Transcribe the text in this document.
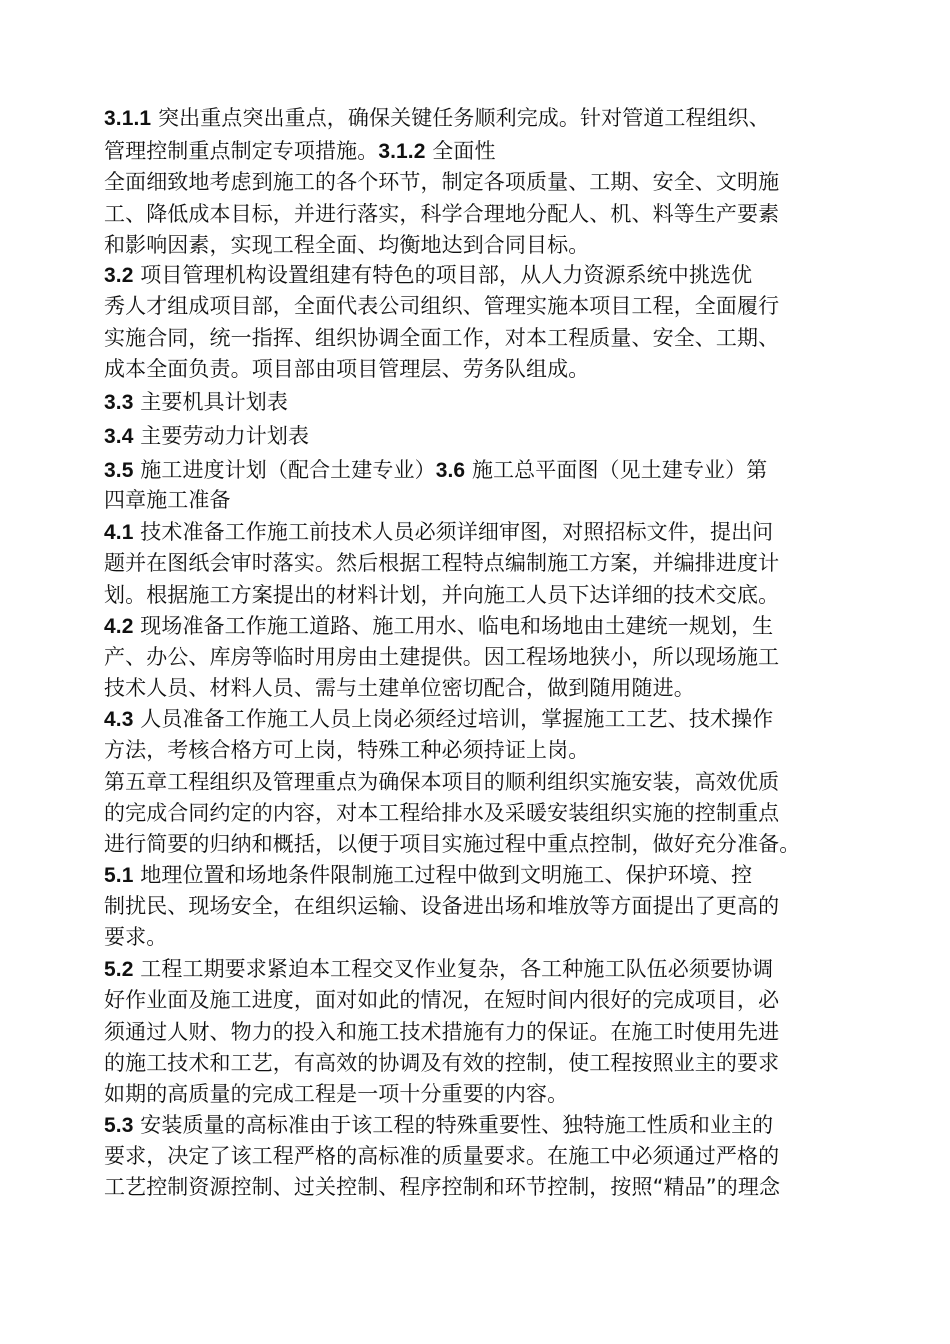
3.1.1 突出重点突出重点，确保关键任务顺利完成。针对管道工程组织、
管理控制重点制定专项措施。3.1.2 全面性
全面细致地考虑到施工的各个环节，制定各项质量、工期、安全、文明施
工、降低成本目标，并进行落实，科学合理地分配人、机、料等生产要素
和影响因素，实现工程全面、均衡地达到合同目标。
3.2 项目管理机构设置组建有特色的项目部，从人力资源系统中挑选优
秀人才组成项目部，全面代表公司组织、管理实施本项目工程，全面履行
实施合同，统一指挥、组织协调全面工作，对本工程质量、安全、工期、
成本全面负责。项目部由项目管理层、劳务队组成。
3.3 主要机具计划表
3.4 主要劳动力计划表
3.5 施工进度计划（配合土建专业）3.6 施工总平面图（见土建专业）第
四章施工准备
4.1 技术准备工作施工前技术人员必须详细审图，对照招标文件，提出问
题并在图纸会审时落实。然后根据工程特点编制施工方案，并编排进度计
划。根据施工方案提出的材料计划，并向施工人员下达详细的技术交底。
4.2 现场准备工作施工道路、施工用水、临电和场地由土建统一规划，生
产、办公、库房等临时用房由土建提供。因工程场地狭小，所以现场施工
技术人员、材料人员、需与土建单位密切配合，做到随用随进。
4.3 人员准备工作施工人员上岗必须经过培训，掌握施工工艺、技术操作
方法，考核合格方可上岗，特殊工种必须持证上岗。
第五章工程组织及管理重点为确保本项目的顺利组织实施安装，高效优质
的完成合同约定的内容，对本工程给排水及采暖安装组织实施的控制重点
进行简要的归纳和概括，以便于项目实施过程中重点控制，做好充分准备。
5.1 地理位置和场地条件限制施工过程中做到文明施工、保护环境、控
制扰民、现场安全，在组织运输、设备进出场和堆放等方面提出了更高的
要求。
5.2 工程工期要求紧迫本工程交叉作业复杂，各工种施工队伍必须要协调
好作业面及施工进度，面对如此的情况，在短时间内很好的完成项目，必
须通过人财、物力的投入和施工技术措施有力的保证。在施工时使用先进
的施工技术和工艺，有高效的协调及有效的控制，使工程按照业主的要求
如期的高质量的完成工程是一项十分重要的内容。
5.3 安装质量的高标准由于该工程的特殊重要性、独特施工性质和业主的
要求，决定了该工程严格的高标准的质量要求。在施工中必须通过严格的
工艺控制资源控制、过关控制、程序控制和环节控制，按照“精品”的理念
